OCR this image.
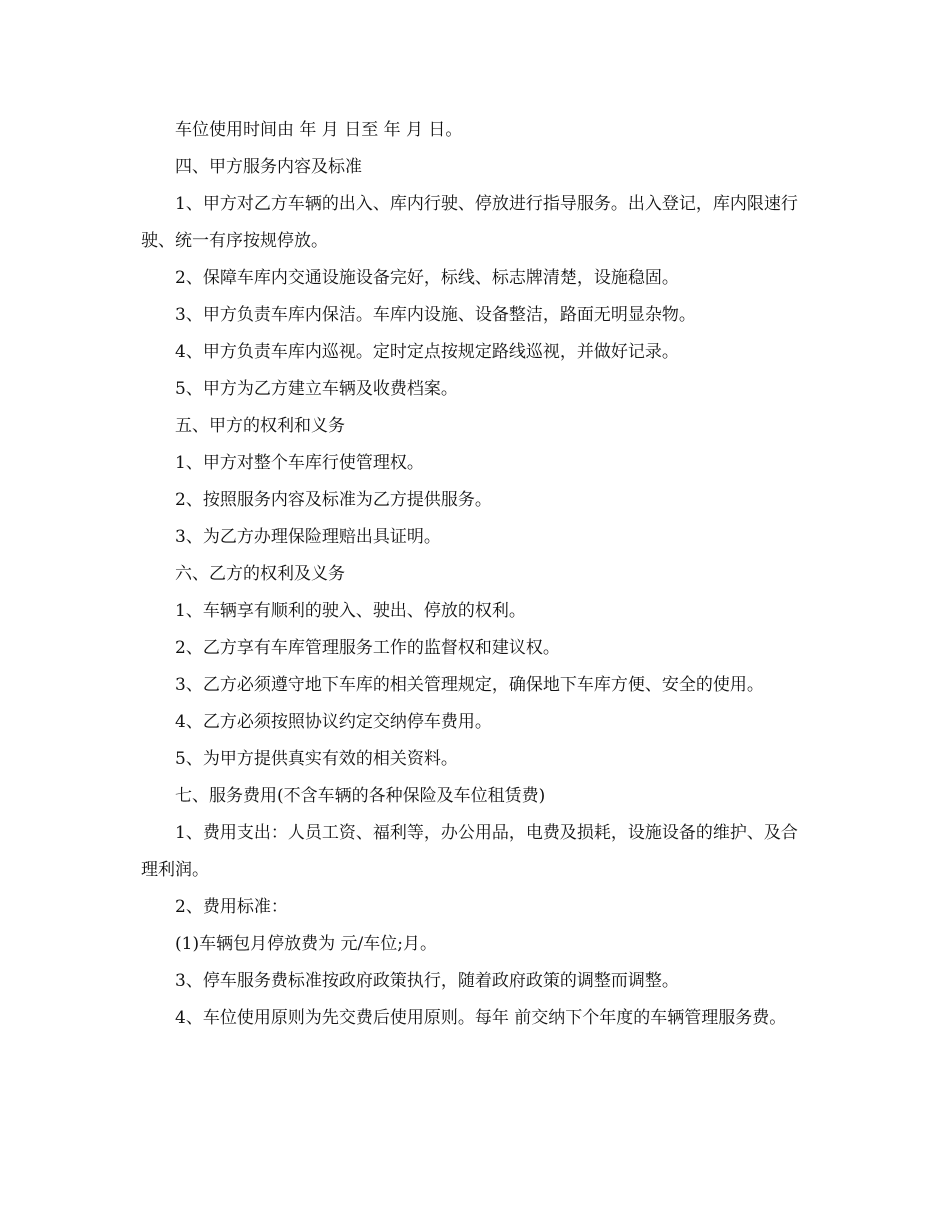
车位使用时间由 年 月 日至 年 月 日。

四、甲方服务内容及标准

1、甲方对乙方车辆的出入、库内行驶、停放进行指导服务。出入登记，库内限速行驶、统一有序按规停放。

2、保障车库内交通设施设备完好，标线、标志牌清楚，设施稳固。

3、甲方负责车库内保洁。车库内设施、设备整洁，路面无明显杂物。

4、甲方负责车库内巡视。定时定点按规定路线巡视，并做好记录。

5、甲方为乙方建立车辆及收费档案。

五、甲方的权利和义务

1、甲方对整个车库行使管理权。

2、按照服务内容及标准为乙方提供服务。

3、为乙方办理保险理赔出具证明。

六、乙方的权利及义务

1、车辆享有顺利的驶入、驶出、停放的权利。

2、乙方享有车库管理服务工作的监督权和建议权。

3、乙方必须遵守地下车库的相关管理规定，确保地下车库方便、安全的使用。

4、乙方必须按照协议约定交纳停车费用。

5、为甲方提供真实有效的相关资料。

七、服务费用(不含车辆的各种保险及车位租赁费)

1、费用支出：人员工资、福利等，办公用品，电费及损耗，设施设备的维护、及合理利润。

2、费用标准：

(1)车辆包月停放费为 元/车位;月。

3、停车服务费标准按政府政策执行，随着政府政策的调整而调整。

4、车位使用原则为先交费后使用原则。每年 前交纳下个年度的车辆管理服务费。
